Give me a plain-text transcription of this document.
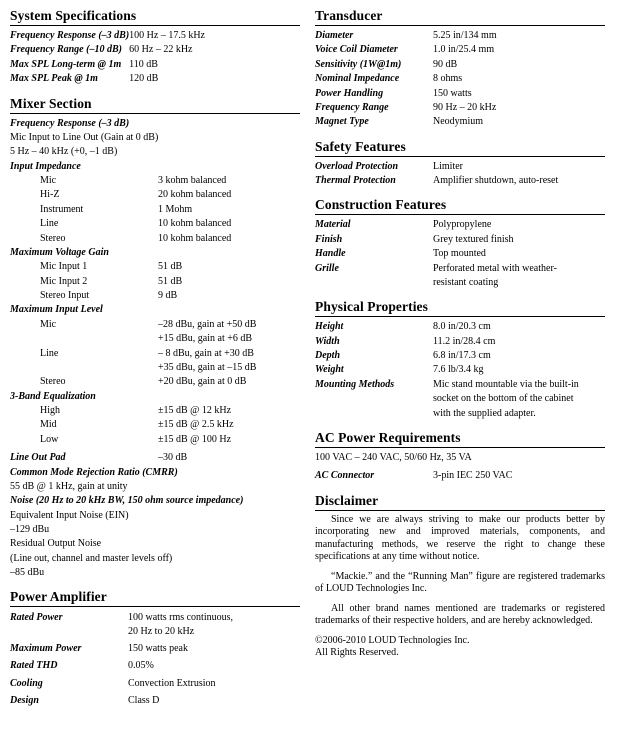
System Specifications
Frequency Response (–3 dB)	100 Hz – 17.5 kHz
Frequency Range (–10 dB)	60 Hz – 22 kHz
Max SPL Long-term @ 1m	110 dB
Max SPL Peak @ 1m	120 dB
Mixer Section
Frequency Response (–3 dB)	
Mic Input to Line Out (Gain at 0 dB)	
5 Hz – 40 kHz (+0, –1 dB)	
Input Impedance	
Mic	3 kohm balanced
Hi-Z	20 kohm balanced
Instrument	1 Mohm
Line	10 kohm balanced
Stereo	10 kohm balanced
Maximum Voltage Gain	
Mic Input 1	51 dB
Mic Input 2	51 dB
Stereo Input	9 dB
Maximum Input Level	
Mic	–28 dBu, gain at +50 dB
	+15 dBu, gain at +6 dB
Line	– 8 dBu, gain at +30 dB
	+35 dBu, gain at –15 dB
Stereo	+20 dBu, gain at 0 dB
3-Band Equalization	
High	±15 dB @ 12 kHz
Mid	±15 dB @ 2.5 kHz
Low	±15 dB @ 100 Hz
Line Out Pad	–30 dB
Common Mode Rejection Ratio (CMRR)	
55 dB @ 1 kHz, gain at unity	
Noise (20 Hz to 20 kHz BW, 150 ohm source impedance)	
Equivalent Input Noise (EIN)	
–129 dBu	
Residual Output Noise	
(Line out, channel and master levels off)	
–85 dBu	
Power Amplifier
Rated Power	100 watts rms continuous,
	20 Hz to 20 kHz
Maximum Power	150 watts peak
Rated THD	0.05%
Cooling	Convection Extrusion
Design	Class D
Transducer
Diameter	5.25 in/134 mm
Voice Coil Diameter	1.0 in/25.4 mm
Sensitivity (1W@1m)	90 dB
Nominal Impedance	8 ohms
Power Handling	150 watts
Frequency Range	90 Hz – 20 kHz
Magnet Type	Neodymium
Safety Features
Overload Protection	Limiter
Thermal Protection	Amplifier shutdown, auto-reset
Construction Features
Material	Polypropylene
Finish	Grey textured finish
Handle	Top mounted
Grille	Perforated metal with weather-
	resistant coating
Physical Properties
Height	8.0 in/20.3 cm
Width	11.2 in/28.4 cm
Depth	6.8 in/17.3 cm
Weight	7.6 lb/3.4 kg
Mounting Methods	Mic stand mountable via the built-in
	socket on the bottom of the cabinet
	with the supplied adapter.
AC Power Requirements
100 VAC – 240 VAC, 50/60 Hz, 35 VA
AC Connector	3-pin IEC 250 VAC
Disclaimer

Since we are always striving to make our products better by incorporating new and improved materials, components, and manufacturing methods, we reserve the right to change these specifications at any time without notice.

“Mackie.” and the “Running Man” figure are registered trademarks of LOUD Technologies Inc.

All other brand names mentioned are trademarks or registered trademarks of their respective holders, and are hereby acknowledged.

©2006-2010 LOUD Technologies Inc.

All Rights Reserved.
